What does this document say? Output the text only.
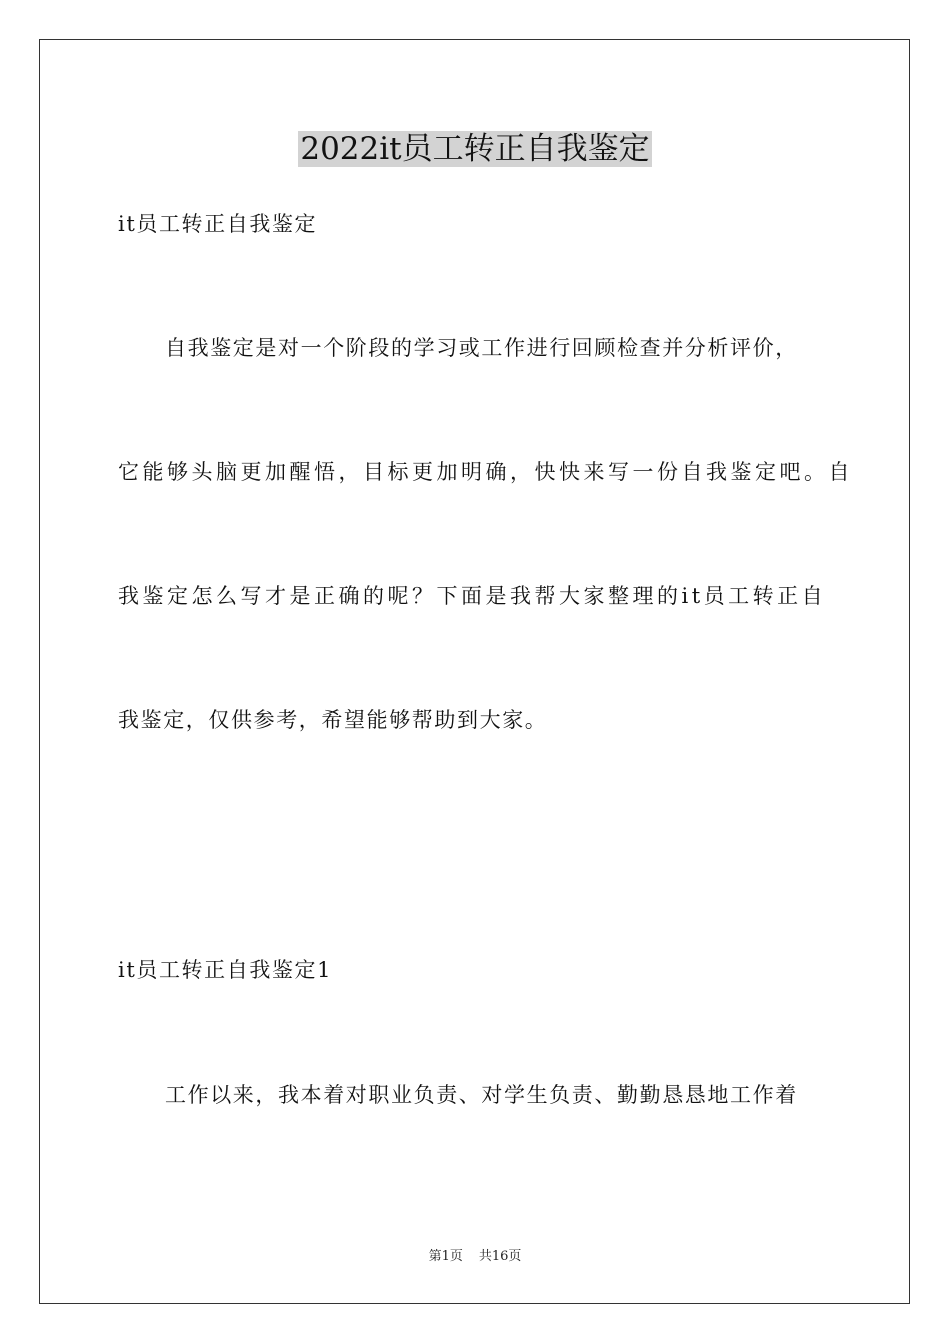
2022it员工转正自我鉴定

it员工转正自我鉴定

自我鉴定是对一个阶段的学习或工作进行回顾检查并分析评价，

它能够头脑更加醒悟，目标更加明确，快快来写一份自我鉴定吧。自

我鉴定怎么写才是正确的呢？下面是我帮大家整理的it员工转正自

我鉴定，仅供参考，希望能够帮助到大家。

it员工转正自我鉴定1

工作以来，我本着对职业负责、对学生负责、勤勤恳恳地工作着

第1页 共16页
